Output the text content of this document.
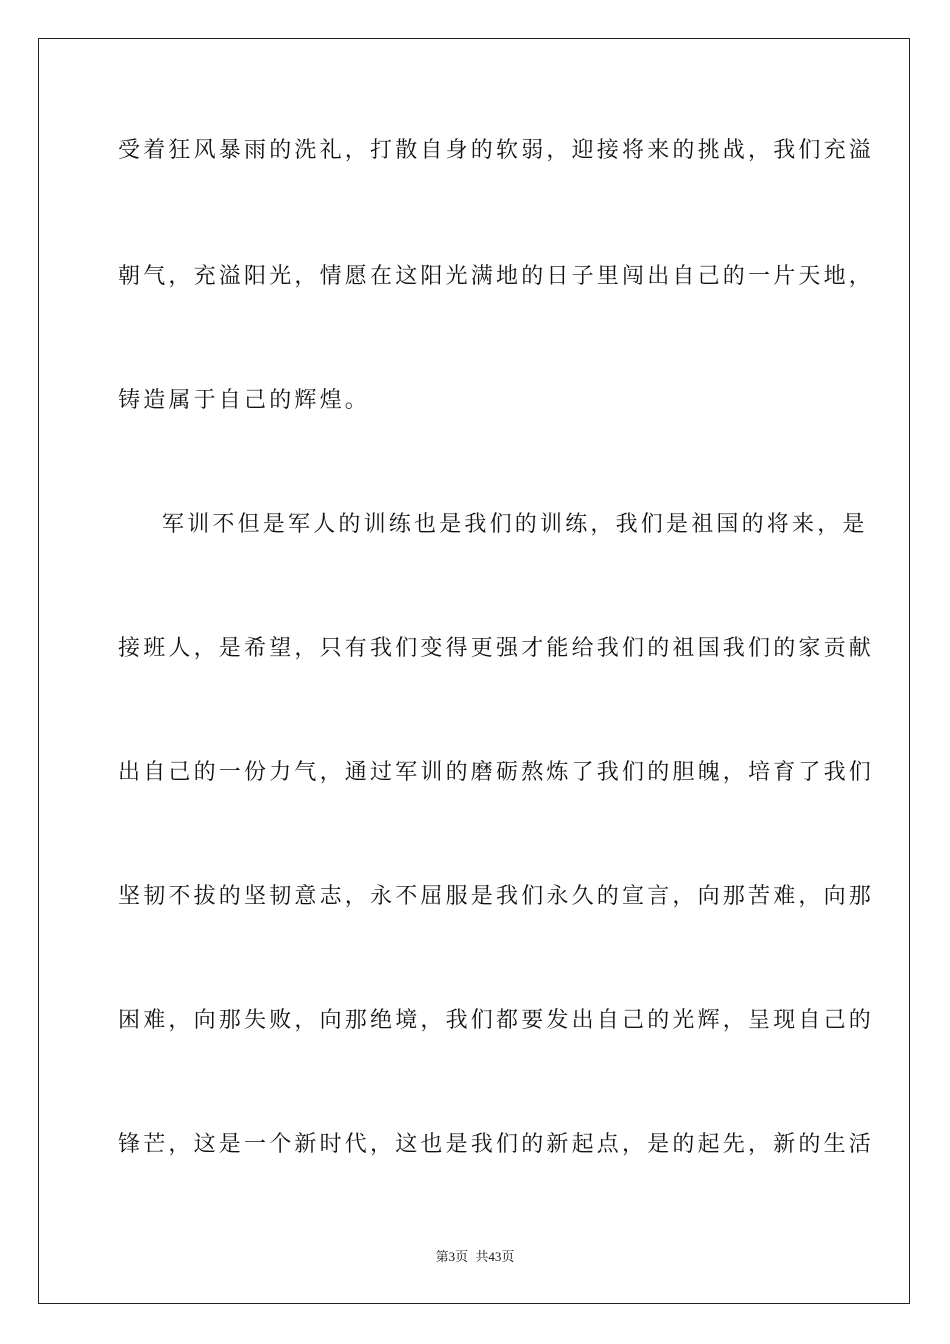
受着狂风暴雨的洗礼，打散自身的软弱，迎接将来的挑战，我们充溢
朝气，充溢阳光，情愿在这阳光满地的日子里闯出自己的一片天地，
铸造属于自己的辉煌。
军训不但是军人的训练也是我们的训练，我们是祖国的将来，是
接班人，是希望，只有我们变得更强才能给我们的祖国我们的家贡献
出自己的一份力气，通过军训的磨砺熬炼了我们的胆魄，培育了我们
坚韧不拔的坚韧意志，永不屈服是我们永久的宣言，向那苦难，向那
困难，向那失败，向那绝境，我们都要发出自己的光辉，呈现自己的
锋芒，这是一个新时代，这也是我们的新起点，是的起先，新的生活
第3页 共43页
